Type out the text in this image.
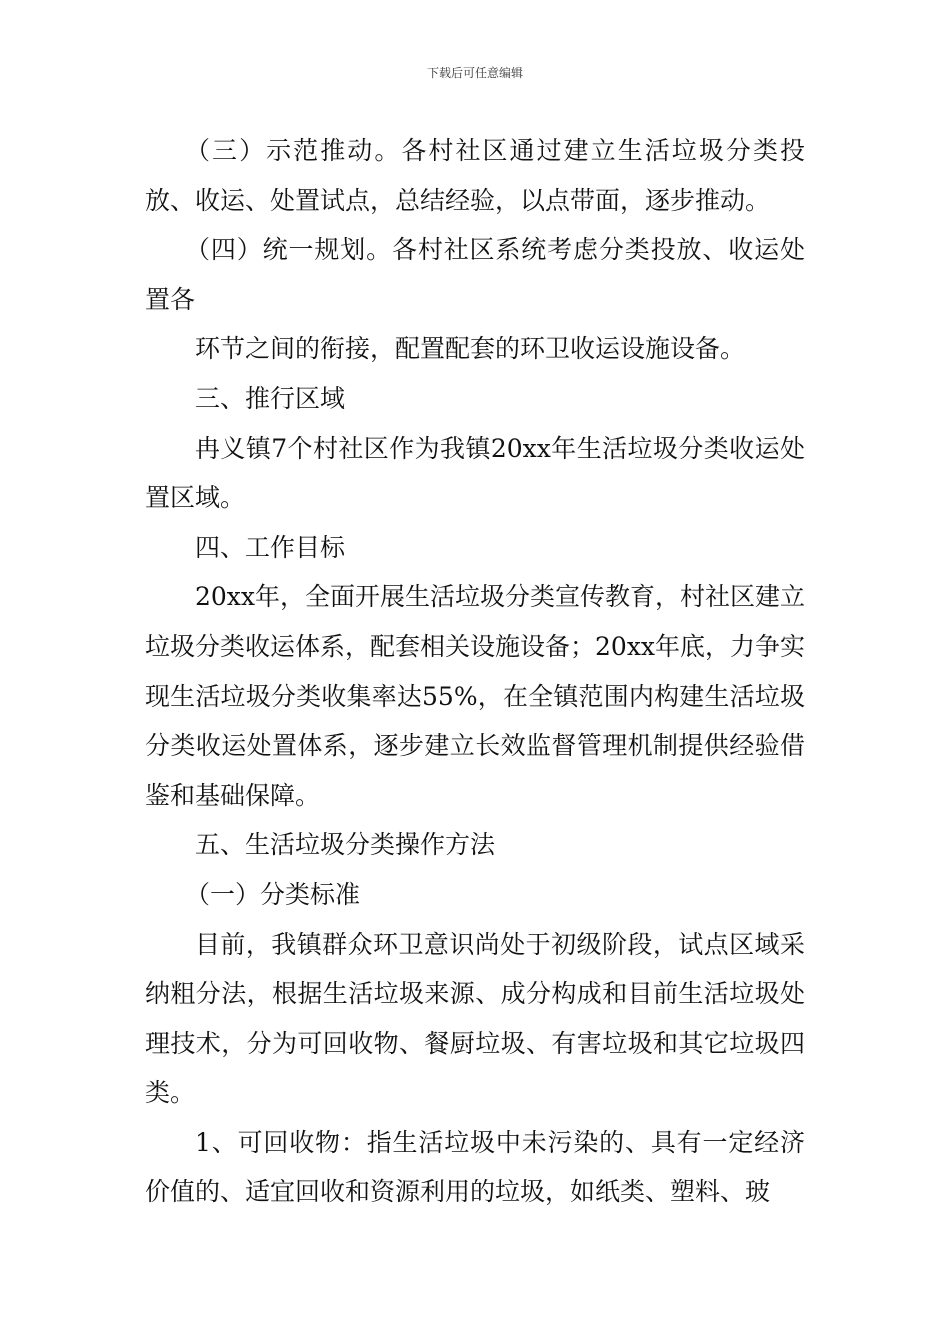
下载后可任意编辑

（三）示范推动。各村社区通过建立生活垃圾分类投放、收运、处置试点，总结经验，以点带面，逐步推动。

（四）统一规划。各村社区系统考虑分类投放、收运处置各

环节之间的衔接，配置配套的环卫收运设施设备。

三、推行区域

冉义镇7个村社区作为我镇20xx年生活垃圾分类收运处置区域。

四、工作目标

20xx年，全面开展生活垃圾分类宣传教育，村社区建立垃圾分类收运体系，配套相关设施设备；20xx年底，力争实现生活垃圾分类收集率达55%，在全镇范围内构建生活垃圾分类收运处置体系，逐步建立长效监督管理机制提供经验借鉴和基础保障。

五、生活垃圾分类操作方法

（一）分类标准

目前，我镇群众环卫意识尚处于初级阶段，试点区域采纳粗分法，根据生活垃圾来源、成分构成和目前生活垃圾处理技术，分为可回收物、餐厨垃圾、有害垃圾和其它垃圾四类。

1、可回收物：指生活垃圾中未污染的、具有一定经济价值的、适宜回收和资源利用的垃圾，如纸类、塑料、玻
